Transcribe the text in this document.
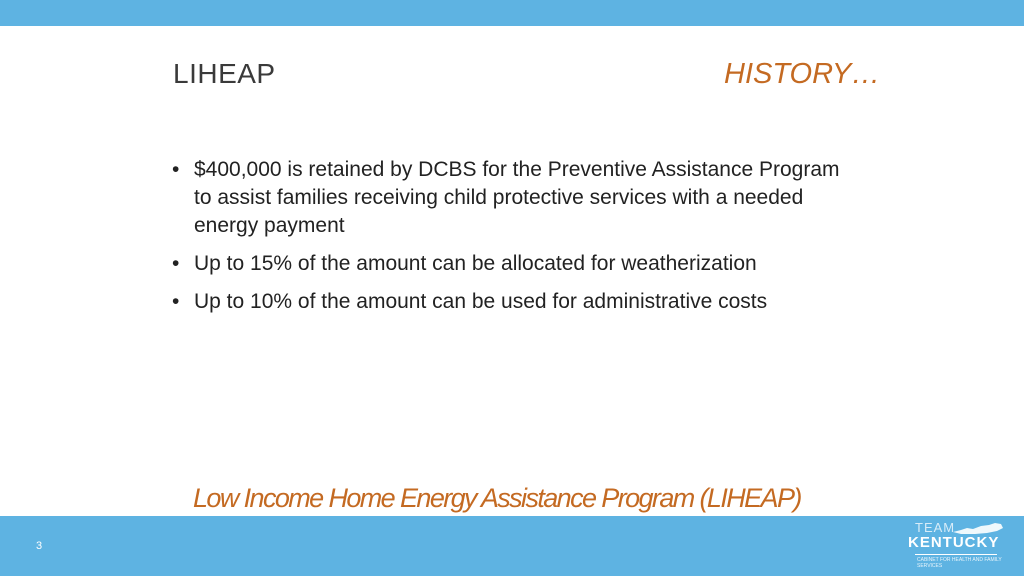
LIHEAP	HISTORY…
• $400,000 is retained by DCBS for the Preventive Assistance Program to assist families receiving child protective services with a needed energy payment
• Up to 15% of the amount can be allocated for weatherization
• Up to 10% of the amount can be used for administrative costs
Low Income Home Energy Assistance Program (LIHEAP)
3
TEAM
KENTUCKY
CABINET FOR HEALTH AND FAMILY SERVICES
